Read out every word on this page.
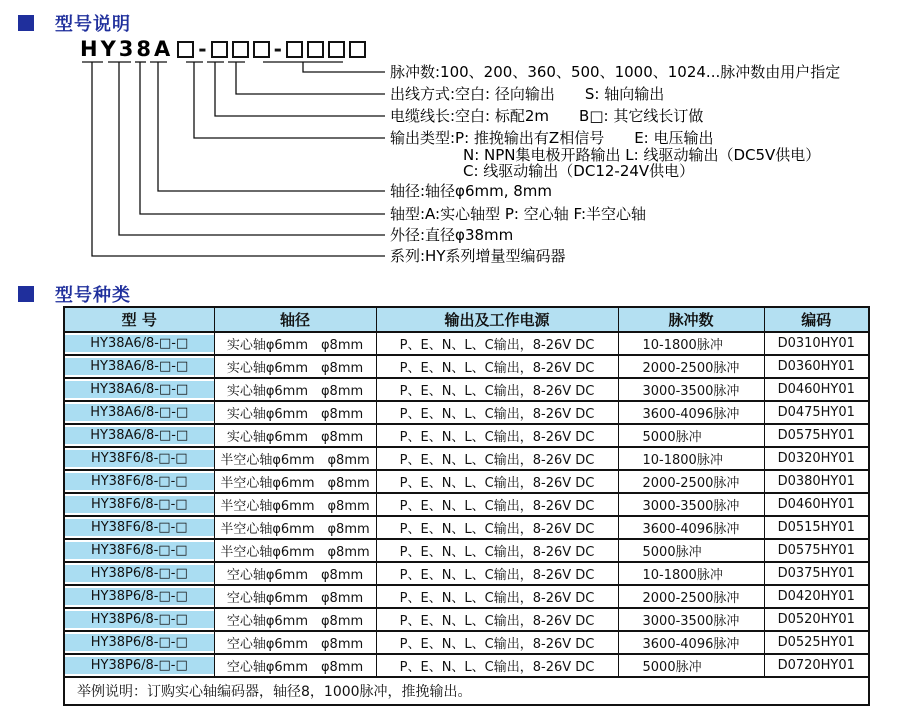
型号说明
HY38A -	-
脉冲数:100、200、360、500、1000、1024...脉冲数由用户指定
出线方式:空白: 径向输出　　S: 轴向输出
电缆线长:空白: 标配2m　　B□: 其它线长订做
输出类型:P: 推挽输出有Z相信号　　E: 电压输出
N: NPN集电极开路输出 L: 线驱动输出（DC5V供电）
C: 线驱动输出（DC12-24V供电）
轴径:轴径φ6mm, 8mm
轴型:A:实心轴型 P: 空心轴 F:半空心轴
外径:直径φ38mm
系列:HY系列增量型编码器
型号种类
型 号	轴径	输出及工作电源	脉冲数	编码
HY38A6/8-□-□	实心轴φ6mm　φ8mm	P、E、N、L、C输出，8-26V DC	10-1800脉冲	D0310HY01
HY38A6/8-□-□	实心轴φ6mm　φ8mm	P、E、N、L、C输出，8-26V DC	2000-2500脉冲	D0360HY01
HY38A6/8-□-□	实心轴φ6mm　φ8mm	P、E、N、L、C输出，8-26V DC	3000-3500脉冲	D0460HY01
HY38A6/8-□-□	实心轴φ6mm　φ8mm	P、E、N、L、C输出，8-26V DC	3600-4096脉冲	D0475HY01
HY38A6/8-□-□	实心轴φ6mm　φ8mm	P、E、N、L、C输出，8-26V DC	5000脉冲	D0575HY01
HY38F6/8-□-□	半空心轴φ6mm　φ8mm	P、E、N、L、C输出，8-26V DC	10-1800脉冲	D0320HY01
HY38F6/8-□-□	半空心轴φ6mm　φ8mm	P、E、N、L、C输出，8-26V DC	2000-2500脉冲	D0380HY01
HY38F6/8-□-□	半空心轴φ6mm　φ8mm	P、E、N、L、C输出，8-26V DC	3000-3500脉冲	D0460HY01
HY38F6/8-□-□	半空心轴φ6mm　φ8mm	P、E、N、L、C输出，8-26V DC	3600-4096脉冲	D0515HY01
HY38F6/8-□-□	半空心轴φ6mm　φ8mm	P、E、N、L、C输出，8-26V DC	5000脉冲	D0575HY01
HY38P6/8-□-□	空心轴φ6mm　φ8mm	P、E、N、L、C输出，8-26V DC	10-1800脉冲	D0375HY01
HY38P6/8-□-□	空心轴φ6mm　φ8mm	P、E、N、L、C输出，8-26V DC	2000-2500脉冲	D0420HY01
HY38P6/8-□-□	空心轴φ6mm　φ8mm	P、E、N、L、C输出，8-26V DC	3000-3500脉冲	D0520HY01
HY38P6/8-□-□	空心轴φ6mm　φ8mm	P、E、N、L、C输出，8-26V DC	3600-4096脉冲	D0525HY01
HY38P6/8-□-□	空心轴φ6mm　φ8mm	P、E、N、L、C输出，8-26V DC	5000脉冲	D0720HY01
举例说明：订购实心轴编码器，轴径8，1000脉冲，推挽输出。				
